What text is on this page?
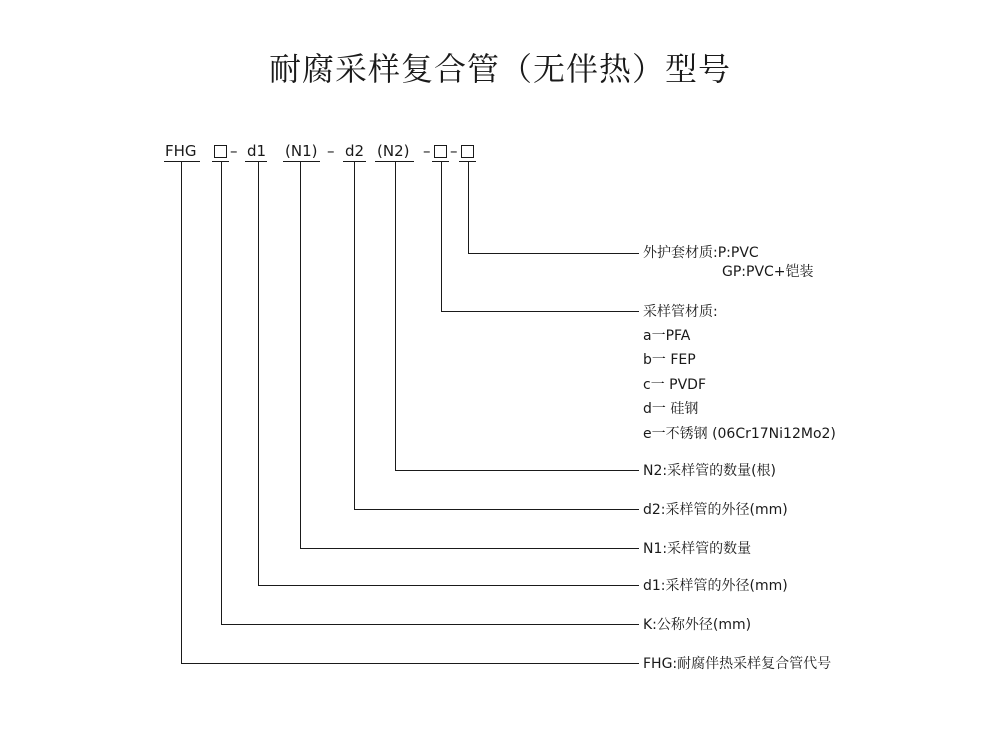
耐腐采样复合管（无伴热）型号
FHG – d1 (N1) – d2 (N2) – –
外护套材质:P:PVC
GP:PVC+铠装
采样管材质:
a一PFA
b一 FEP
c一 PVDF
d一 硅钢
e一不锈钢 (06Cr17Ni12Mo2)
N2:采样管的数量(根)
d2:采样管的外径(mm)
N1:采样管的数量
d1:采样管的外径(mm)
K:公称外径(mm)
FHG:耐腐伴热采样复合管代号
